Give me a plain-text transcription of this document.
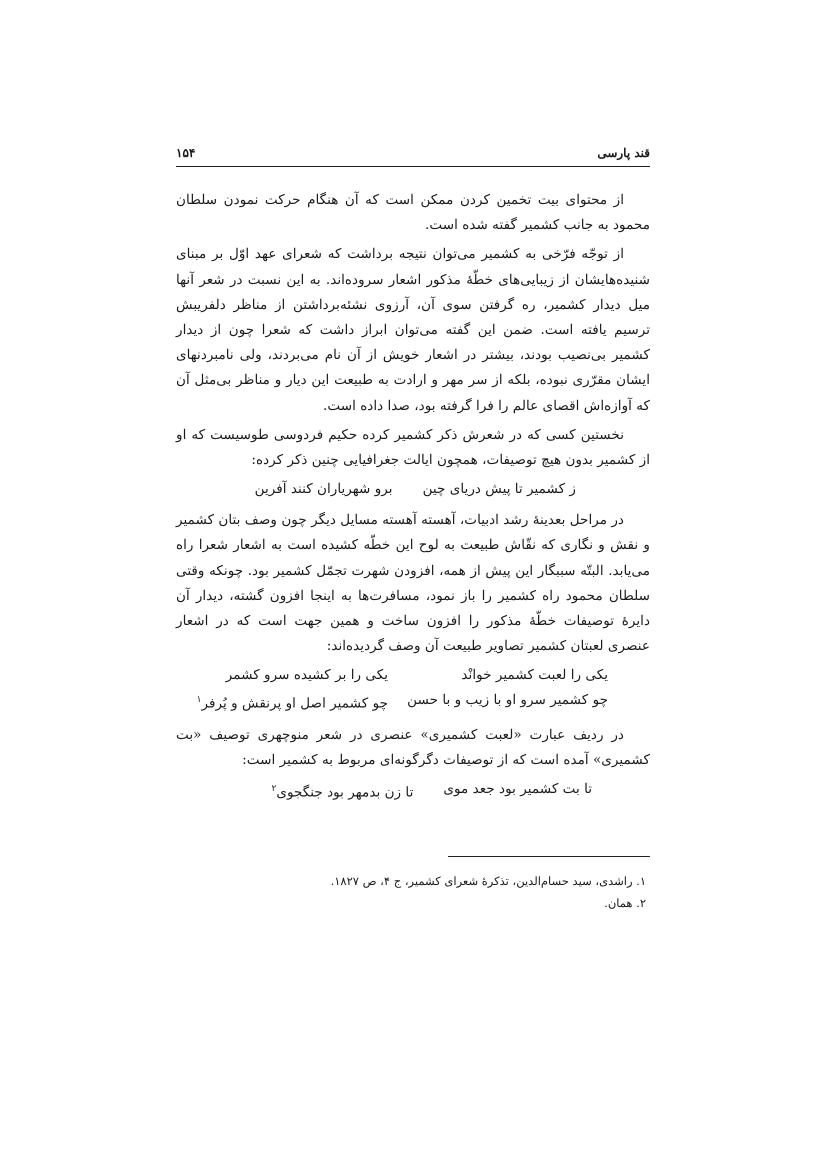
قند پارسی
۱۵۴

از محتوای بیت تخمین کردن ممکن است که آن هنگام حرکت نمودن سلطان محمود به جانب کشمیر گفته شده است.

از توجّه فرّخی به کشمیر می‌توان نتیجه برداشت که شعرای عهد اوّل بر مبنای شنیده‌هایشان از زیبایی‌های خطّهٔ مذکور اشعار سروده‌اند. به این نسبت در شعر آنها میل دیدار کشمیر، ره گرفتن سوی آن، آرزوی نشئه‌برداشتن از مناظر دلفریبش ترسیم یافته است. ضمن این گفته می‌توان ابراز داشت که شعرا چون از دیدار کشمیر بی‌نصیب بودند، بیشتر در اشعار خویش از آن نام می‌بردند، ولی نامبردنهای ایشان مقرّری نبوده، بلکه از سر مهر و ارادت به طبیعت این دیار و مناظر بی‌مثل آن که آوازه‌اش اقصای عالم را فرا گرفته بود، صدا داده است.

نخستین کسی که در شعرش ذکر کشمیر کرده حکیم فردوسی طوسیست که او از کشمیر بدون هیچ توصیفات، همچون ایالت جغرافیایی چنین ذکر کرده:

ز کشمیر تا پیش دریای چین
برو شهریاران کنند آفرین

در مراحل بعدینهٔ رشد ادبیات، آهسته آهسته مسایل دیگر چون وصف بتان کشمیر و نقش و نگاری که نقّاش طبیعت به لوح این خطّه کشیده است به اشعار شعرا راه می‌یابد. البتّه سببگار این پیش از همه، افزودن شهرت تجمّل کشمیر بود. چونکه وقتی سلطان محمود راه کشمیر را باز نمود، مسافرت‌ها به اینجا افزون گشته، دیدار آن دایرهٔ توصیفات خطّهٔ مذکور را افزون ساخت و همین جهت است که در اشعار عنصری لعبتان کشمیر تصاویر طبیعت آن وصف گردیده‌اند:

یکی را لعبت کشمیر خوانْد
یکی را بر کشیده سرو کشمر
چو کشمیر سرو او با زیب و با حسن
چو کشمیر اصل او پرنقش و پُرفر$^۱$

در ردیف عبارت «لعبت کشمیری» عنصری در شعر منوچهری توصیف «بت کشمیری» آمده است که از توصیفات دگرگونه‌ای مربوط به کشمیر است:

تا بت کشمیر بود جعد موی
تا زن بدمهر بود جنگجوی$^۲$
۱. راشدی، سید حسام‌الدین، تذکرهٔ شعرای کشمیر، ج ۴، ص ۱۸۲۷.
۲. همان.
